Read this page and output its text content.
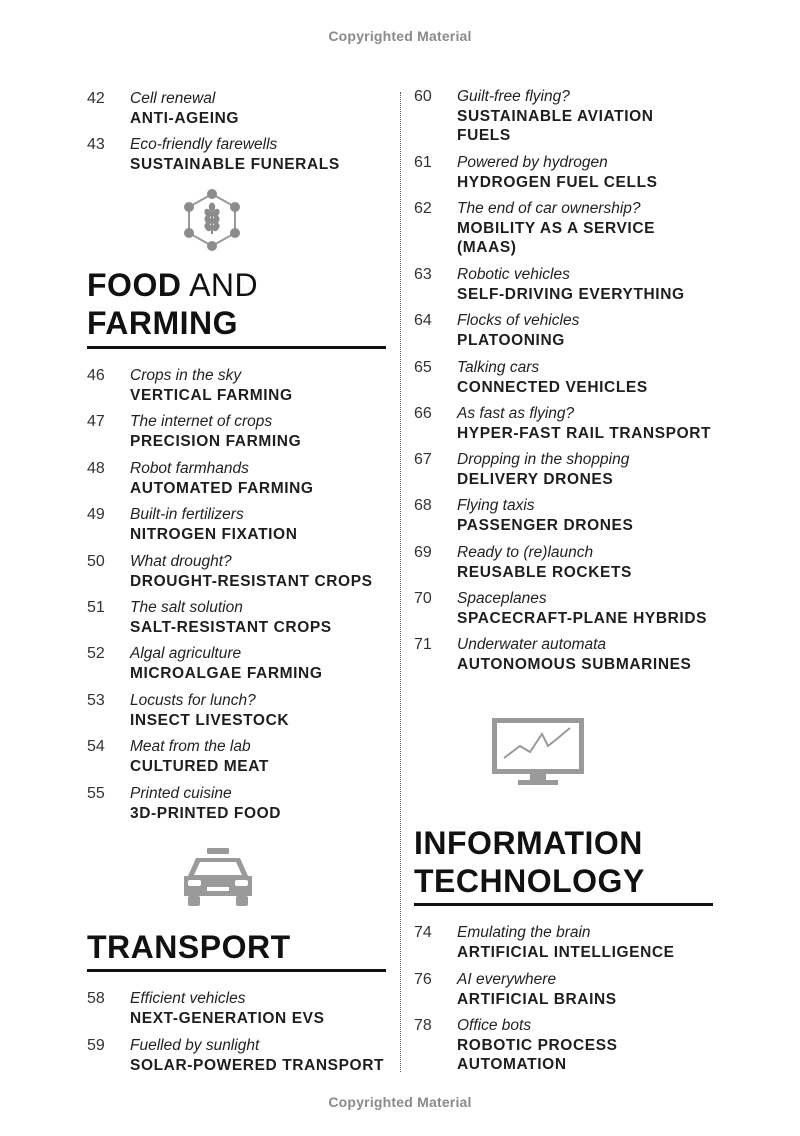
Copyrighted Material
42 Cell renewal
ANTI-AGEING
43 Eco-friendly farewells
SUSTAINABLE FUNERALS
FOOD AND
FARMING
46 Crops in the sky
VERTICAL FARMING
47 The internet of crops
PRECISION FARMING
48 Robot farmhands
AUTOMATED FARMING
49 Built-in fertilizers
NITROGEN FIXATION
50 What drought?
DROUGHT-RESISTANT CROPS
51 The salt solution
SALT-RESISTANT CROPS
52 Algal agriculture
MICROALGAE FARMING
53 Locusts for lunch?
INSECT LIVESTOCK
54 Meat from the lab
CULTURED MEAT
55 Printed cuisine
3D-PRINTED FOOD
TRANSPORT
58 Efficient vehicles
NEXT-GENERATION EVS
59 Fuelled by sunlight
SOLAR-POWERED TRANSPORT
60 Guilt-free flying?
SUSTAINABLE AVIATION
FUELS
61 Powered by hydrogen
HYDROGEN FUEL CELLS
62 The end of car ownership?
MOBILITY AS A SERVICE
(MAAS)
63 Robotic vehicles
SELF-DRIVING EVERYTHING
64 Flocks of vehicles
PLATOONING
65 Talking cars
CONNECTED VEHICLES
66 As fast as flying?
HYPER-FAST RAIL TRANSPORT
67 Dropping in the shopping
DELIVERY DRONES
68 Flying taxis
PASSENGER DRONES
69 Ready to (re)launch
REUSABLE ROCKETS
70 Spaceplanes
SPACECRAFT-PLANE HYBRIDS
71 Underwater automata
AUTONOMOUS SUBMARINES
INFORMATION
TECHNOLOGY
74 Emulating the brain
ARTIFICIAL INTELLIGENCE
76 AI everywhere
ARTIFICIAL BRAINS
78 Office bots
ROBOTIC PROCESS
AUTOMATION
Copyrighted Material
